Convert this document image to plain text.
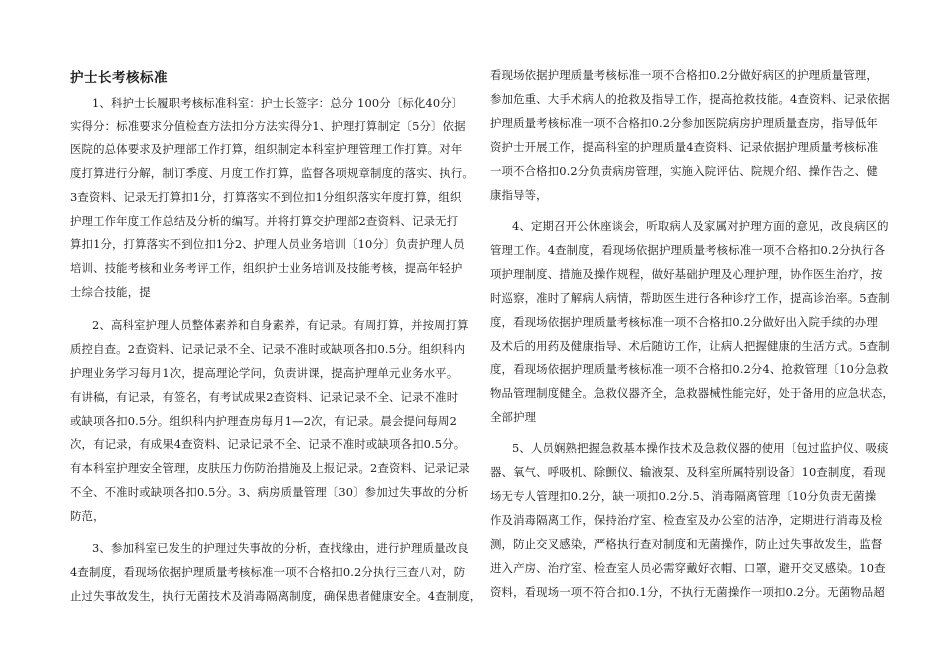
护士长考核标准
1、科护士长履职考核标准科室：护士长签字：总分 100分〔标化40分〕
实得分：标准要求分值检查方法扣分方法实得分1、护理打算制定〔5分〕依据
医院的总体要求及护理部工作打算，组织制定本科室护理管理工作打算。对年
度打算进行分解，制订季度、月度工作打算，监督各项规章制度的落实、执行。
3查资料、记录无打算扣1分，打算落实不到位扣1分组织落实年度打算，组织
护理工作年度工作总结及分析的编写。并将打算交护理部2查资料、记录无打
算扣1分，打算落实不到位扣1分2、护理人员业务培训〔10分〕负责护理人员
培训、技能考核和业务考评工作，组织护士业务培训及技能考核，提高年轻护
士综合技能，提
2、高科室护理人员整体素养和自身素养，有记录。有周打算，并按周打算
质控自查。2查资料、记录记录不全、记录不准时或缺项各扣0.5分。组织科内
护理业务学习每月1次，提高理论学问，负责讲课，提高护理单元业务水平。
有讲稿，有记录，有签名，有考试成果2查资料、记录记录不全、记录不准时
或缺项各扣0.5分。组织科内护理查房每月1—2次，有记录。晨会提问每周2
次，有记录，有成果4查资料、记录记录不全、记录不准时或缺项各扣0.5分。
有本科室护理安全管理，皮肤压力伤防治措施及上报记录。2查资料、记录记录
不全、不准时或缺项各扣0.5分。3、病房质量管理〔30〕参加过失事故的分析
防范，
3、参加科室已发生的护理过失事故的分析，查找缘由，进行护理质量改良
4查制度，看现场依据护理质量考核标准一项不合格扣0.2分执行三查八对，防
止过失事故发生，执行无菌技术及消毒隔离制度，确保患者健康安全。4查制度，
看现场依据护理质量考核标准一项不合格扣0.2分做好病区的护理质量管理，
参加危重、大手术病人的抢救及指导工作，提高抢救技能。4查资料、记录依据
护理质量考核标准一项不合格扣0.2分参加医院病房护理质量查房，指导低年
资护士开展工作，提高科室的护理质量4查资料、记录依据护理质量考核标准
一项不合格扣0.2分负责病房管理，实施入院评估、院规介绍、操作告之、健
康指导等，
4、定期召开公休座谈会，听取病人及家属对护理方面的意见，改良病区的
管理工作。4查制度，看现场依据护理质量考核标准一项不合格扣0.2分执行各
项护理制度、措施及操作规程，做好基础护理及心理护理，协作医生治疗，按
时巡察，准时了解病人病情，帮助医生进行各种诊疗工作，提高诊治率。5查制
度，看现场依据护理质量考核标准一项不合格扣0.2分做好出入院手续的办理
及术后的用药及健康指导、术后随访工作，让病人把握健康的生活方式。5查制
度，看现场依据护理质量考核标准一项不合格扣0.2分4、抢救管理〔10分急救
物品管理制度健全。急救仪器齐全，急救器械性能完好，处于备用的应急状态，
全部护理
5、人员娴熟把握急救基本操作技术及急救仪器的使用〔包过监护仪、吸痰
器、氧气、呼吸机、除颤仪、输液泵、及科室所属特别设备〕10查制度，看现
场无专人管理扣0.2分，缺一项扣0.2分.5、消毒隔离管理〔10分负责无菌操
作及消毒隔离工作，保持治疗室、检查室及办公室的洁净，定期进行消毒及检
测，防止交叉感染，严格执行查对制度和无菌操作，防止过失事故发生，监督
进入产房、治疗室、检查室人员必需穿戴好衣帽、口罩，避开交叉感染。10查
资料，看现场一项不符合扣0.1分，不执行无菌操作一项扣0.2分。无菌物品超
